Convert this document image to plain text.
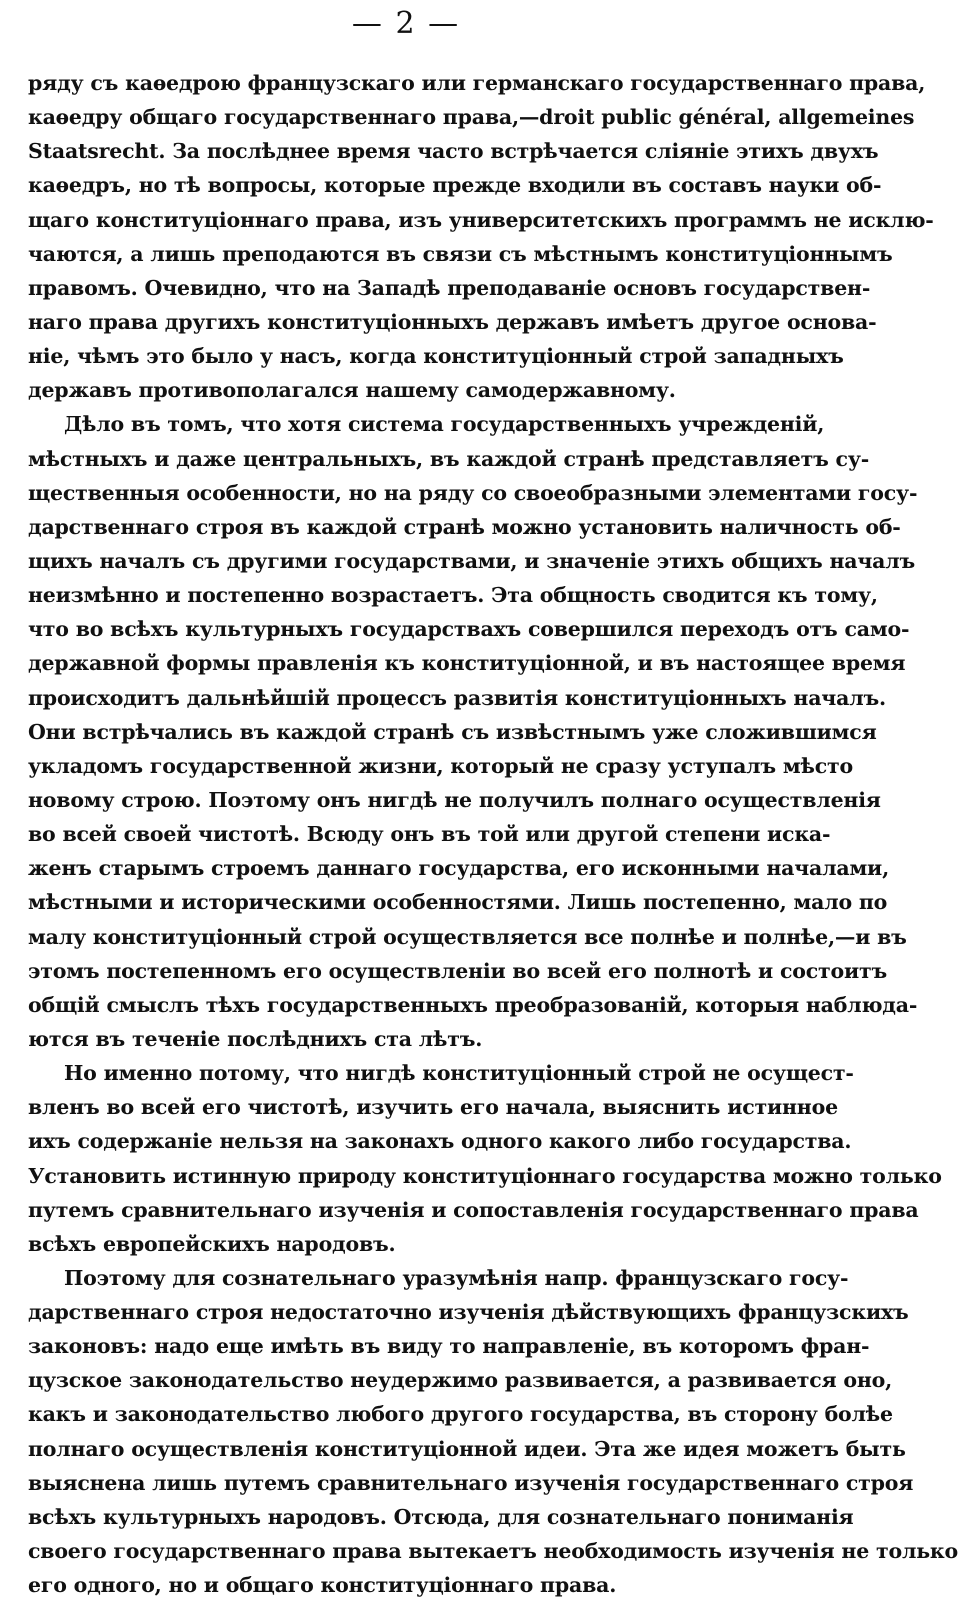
— 2 —
ряду съ каѳедрою французскаго или германскаго государственнаго права,
каѳедру общаго государственнаго права,—droit public général, allgemeines
Staatsrecht. За послѣднее время часто встрѣчается сліяніе этихъ двухъ
каѳедръ, но тѣ вопросы, которые прежде входили въ составъ науки об-
щаго конституціоннаго права, изъ университетскихъ программъ не исклю-
чаются, а лишь преподаются въ связи съ мѣстнымъ конституціоннымъ
правомъ. Очевидно, что на Западѣ преподаваніе основъ государствен-
наго права другихъ конституціонныхъ державъ имѣетъ другое основа-
ніе, чѣмъ это было у насъ, когда конституціонный строй западныхъ
державъ противополагался нашему самодержавному.
Дѣло въ томъ, что хотя система государственныхъ учрежденій,
мѣстныхъ и даже центральныхъ, въ каждой странѣ представляетъ су-
щественныя особенности, но на ряду со своеобразными элементами госу-
дарственнаго строя въ каждой странѣ можно установить наличность об-
щихъ началъ съ другими государствами, и значеніе этихъ общихъ началъ
неизмѣнно и постепенно возрастаетъ. Эта общность сводится къ тому,
что во всѣхъ культурныхъ государствахъ совершился переходъ отъ само-
державной формы правленія къ конституціонной, и въ настоящее время
происходитъ дальнѣйшій процессъ развитія конституціонныхъ началъ.
Они встрѣчались въ каждой странѣ съ извѣстнымъ уже сложившимся
укладомъ государственной жизни, который не сразу уступалъ мѣсто
новому строю. Поэтому онъ нигдѣ не получилъ полнаго осуществленія
во всей своей чистотѣ. Всюду онъ въ той или другой степени иска-
женъ старымъ строемъ даннаго государства, его исконными началами,
мѣстными и историческими особенностями. Лишь постепенно, мало по
малу конституціонный строй осуществляется все полнѣе и полнѣе,—и въ
этомъ постепенномъ его осуществленіи во всей его полнотѣ и состоитъ
общій смыслъ тѣхъ государственныхъ преобразованій, которыя наблюда-
ются въ теченіе послѣднихъ ста лѣтъ.
Но именно потому, что нигдѣ конституціонный строй не осущест-
вленъ во всей его чистотѣ, изучить его начала, выяснить истинное
ихъ содержаніе нельзя на законахъ одного какого либо государства.
Установить истинную природу конституціоннаго государства можно только
путемъ сравнительнаго изученія и сопоставленія государственнаго права
всѣхъ европейскихъ народовъ.
Поэтому для сознательнаго уразумѣнія напр. французскаго госу-
дарственнаго строя недостаточно изученія дѣйствующихъ французскихъ
законовъ: надо еще имѣть въ виду то направленіе, въ которомъ фран-
цузское законодательство неудержимо развивается, а развивается оно,
какъ и законодательство любого другого государства, въ сторону болѣе
полнаго осуществленія конституціонной идеи. Эта же идея можетъ быть
выяснена лишь путемъ сравнительнаго изученія государственнаго строя
всѣхъ культурныхъ народовъ. Отсюда, для сознательнаго пониманія
своего государственнаго права вытекаетъ необходимость изученія не только
его одного, но и общаго конституціоннаго права.
